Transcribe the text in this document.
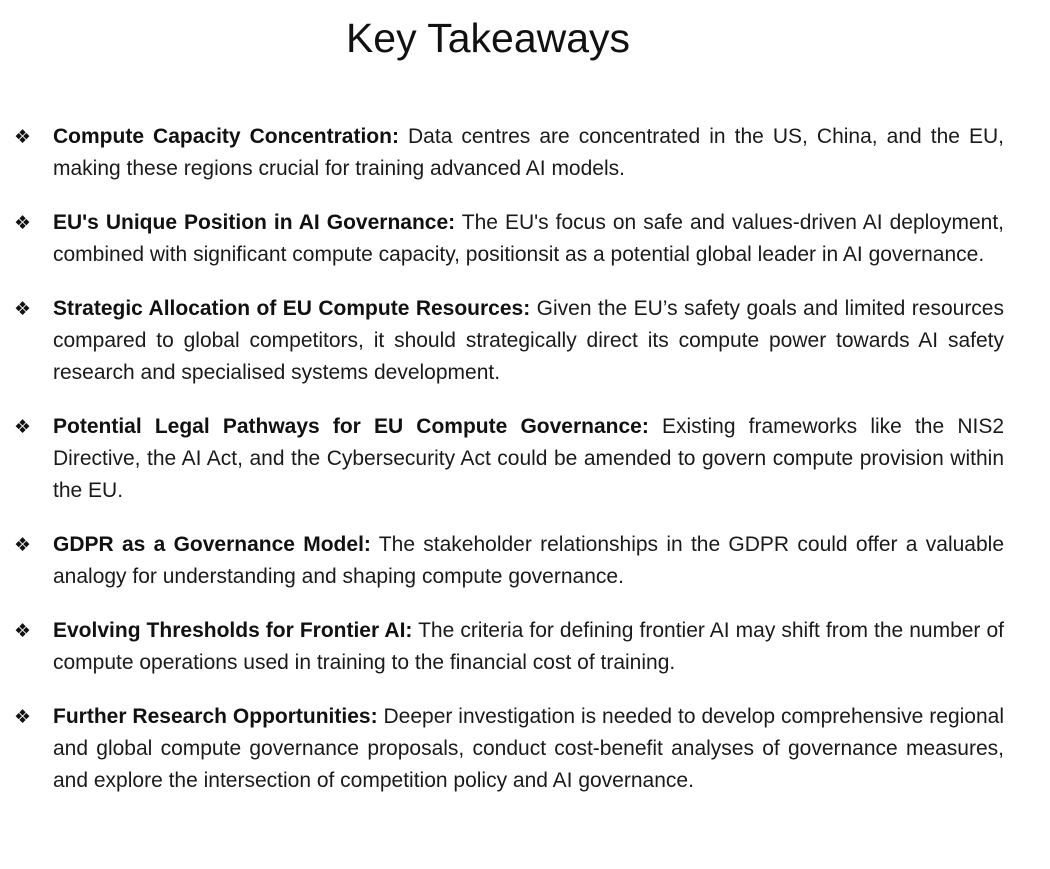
Key Takeaways
❖	Compute Capacity Concentration: Data centres are concentrated in the US, China, and the EU, making these regions crucial for training advanced AI models.

❖	EU's Unique Position in AI Governance: The EU's focus on safe and values-driven AI deployment, combined with significant compute capacity, positionsit as a potential global leader in AI governance.

❖	Strategic Allocation of EU Compute Resources: Given the EU’s safety goals and limited resources compared to global competitors, it should strategically direct its compute power towards AI safety research and specialised systems development.

❖	Potential Legal Pathways for EU Compute Governance: Existing frameworks like the NIS2 Directive, the AI Act, and the Cybersecurity Act could be amended to govern compute provision within the EU.

❖	GDPR as a Governance Model: The stakeholder relationships in the GDPR could offer a valuable analogy for understanding and shaping compute governance.

❖	Evolving Thresholds for Frontier AI: The criteria for defining frontier AI may shift from the number of compute operations used in training to the financial cost of training.

❖	Further Research Opportunities: Deeper investigation is needed to develop comprehensive regional and global compute governance proposals, conduct cost-benefit analyses of governance measures, and explore the intersection of competition policy and AI governance.
